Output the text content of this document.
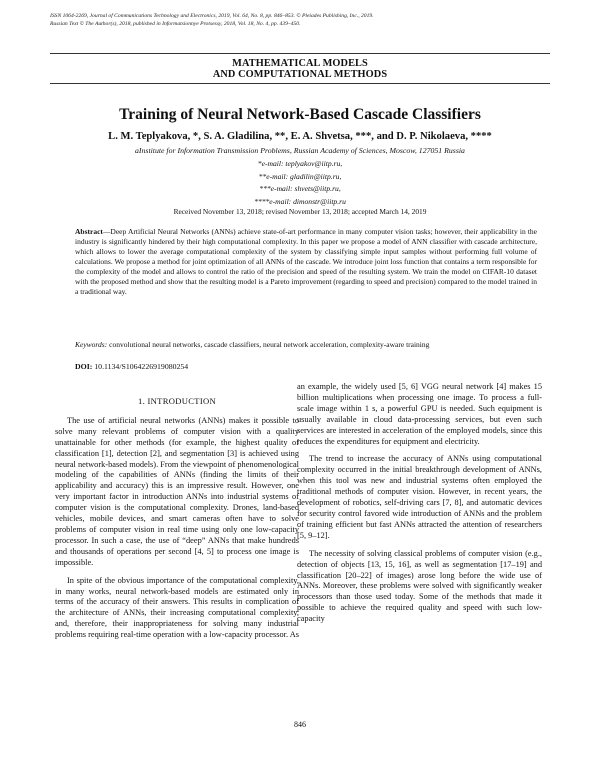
ISSN 1064-2269, Journal of Communications Technology and Electronics, 2019, Vol. 64, No. 8, pp. 846–853. © Pleiades Publishing, Inc., 2019.
Russian Text © The Author(s), 2018, published in Informatsionnye Protsessy, 2018, Vol. 18, No. 4, pp. 439–450.
MATHEMATICAL MODELS
AND COMPUTATIONAL METHODS
Training of Neural Network-Based Cascade Classifiers
L. M. Teplyakova, *, S. A. Gladilina, **, E. A. Shvetsa, ***, and D. P. Nikolaeva, ****
aInstitute for Information Transmission Problems, Russian Academy of Sciences, Moscow, 127051 Russia
*e-mail: teplyakov@iitp.ru,
**e-mail: gladilin@iitp.ru,
***e-mail: shvets@iitp.ru,
****e-mail: dimonstr@iitp.ru
Received November 13, 2018; revised November 13, 2018; accepted March 14, 2019
Abstract—Deep Artificial Neural Networks (ANNs) achieve state-of-art performance in many computer vision tasks; however, their applicability in the industry is significantly hindered by their high computational complexity. In this paper we propose a model of ANN classifier with cascade architecture, which allows to lower the average computational complexity of the system by classifying simple input samples without performing full volume of calculations. We propose a method for joint optimization of all ANNs of the cascade. We introduce joint loss function that contains a term responsible for the complexity of the model and allows to control the ratio of the precision and speed of the resulting system. We train the model on CIFAR-10 dataset with the proposed method and show that the resulting model is a Pareto improvement (regarding to speed and precision) compared to the model trained in a traditional way.
Keywords: convolutional neural networks, cascade classifiers, neural network acceleration, complexity-aware training
DOI: 10.1134/S1064226919080254

1. INTRODUCTION

The use of artificial neural networks (ANNs) makes it possible to solve many relevant problems of computer vision with a quality unattainable for other methods (for example, the highest quality of classification [1], detection [2], and segmentation [3] is achieved using neural network-based models). From the viewpoint of phenomenological modeling of the capabilities of ANNs (finding the limits of their applicability and accuracy) this is an impressive result. However, one very important factor in introduction ANNs into industrial systems of computer vision is the computational complexity. Drones, land-based vehicles, mobile devices, and smart cameras often have to solve problems of computer vision in real time using only one low-capacity processor. In such a case, the use of “deep” ANNs that make hundreds and thousands of operations per second [4, 5] to process one image is impossible.

In spite of the obvious importance of the computational complexity, in many works, neural network-based models are estimated only in terms of the accuracy of their answers. This results in complication of the architecture of ANNs, their increasing computational complexity, and, therefore, their inappropriateness for solving many industrial problems requiring real-time operation with a low-capacity processor. As

an example, the widely used [5, 6] VGG neural network [4] makes 15 billion multiplications when processing one image. To process a full-scale image within 1 s, a powerful GPU is needed. Such equipment is usually available in cloud data-processing services, but even such services are interested in acceleration of the employed models, since this reduces the expenditures for equipment and electricity.

The trend to increase the accuracy of ANNs using computational complexity occurred in the initial breakthrough development of ANNs, when this tool was new and industrial systems often employed the traditional methods of computer vision. However, in recent years, the development of robotics, self-driving cars [7, 8], and automatic devices for security control favored wide introduction of ANNs and the problem of training efficient but fast ANNs attracted the attention of researchers [5, 9–12].

The necessity of solving classical problems of computer vision (e.g., detection of objects [13, 15, 16], as well as segmentation [17–19] and classification [20–22] of images) arose long before the wide use of ANNs. Moreover, these problems were solved with significantly weaker processors than those used today. Some of the methods that made it possible to achieve the required quality and speed with such low-capacity

846
